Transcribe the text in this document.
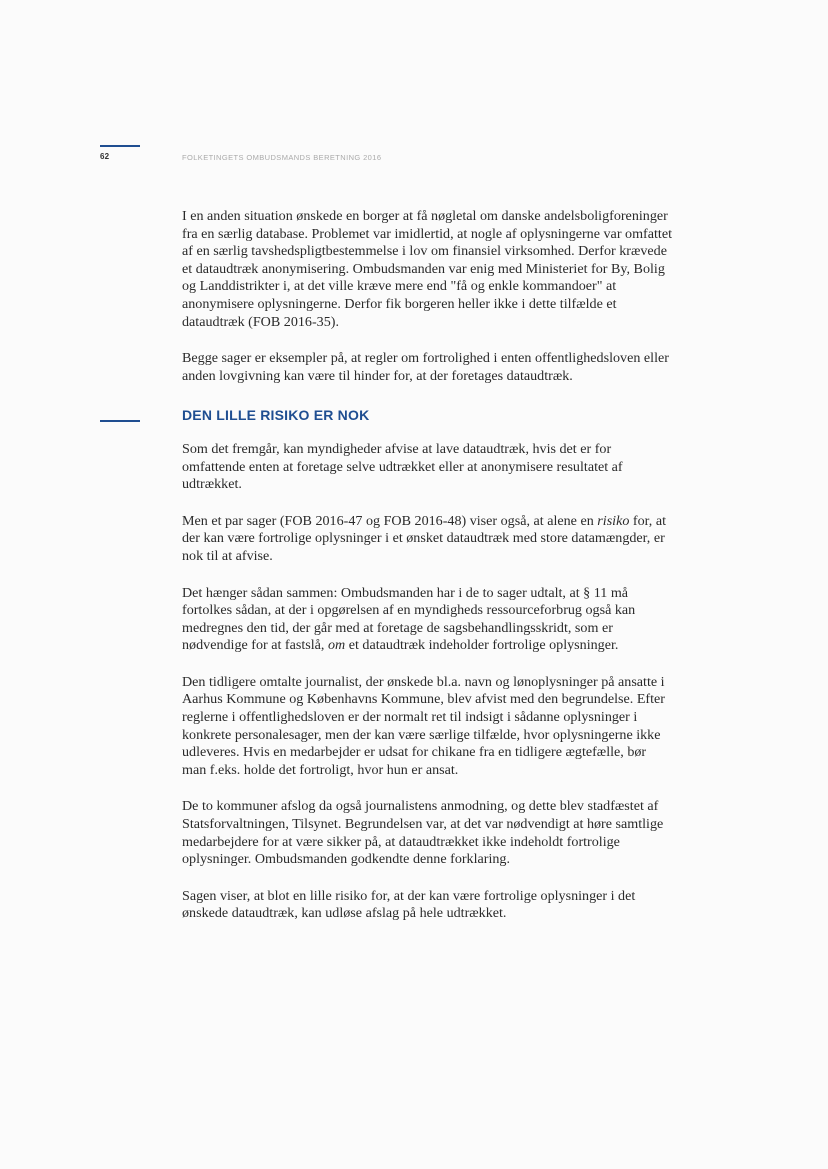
62	FOLKETINGETS OMBUDSMANDS BERETNING 2016

I en anden situation ønskede en borger at få nøgletal om danske andelsboligforeninger fra en særlig database. Problemet var imidlertid, at nogle af oplysningerne var omfattet af en særlig tavshedspligtbestemmelse i lov om finansiel virksomhed. Derfor krævede et dataudtræk anonymisering. Ombudsmanden var enig med Ministeriet for By, Bolig og Landdistrikter i, at det ville kræve mere end "få og enkle kommandoer" at anonymisere oplysningerne. Derfor fik borgeren heller ikke i dette tilfælde et dataudtræk (FOB 2016-35).

Begge sager er eksempler på, at regler om fortrolighed i enten offentlighedsloven eller anden lovgivning kan være til hinder for, at der foretages dataudtræk.

DEN LILLE RISIKO ER NOK

Som det fremgår, kan myndigheder afvise at lave dataudtræk, hvis det er for omfattende enten at foretage selve udtrækket eller at anonymisere resultatet af udtrækket.

Men et par sager (FOB 2016-47 og FOB 2016-48) viser også, at alene en risiko for, at der kan være fortrolige oplysninger i et ønsket dataudtræk med store datamængder, er nok til at afvise.

Det hænger sådan sammen: Ombudsmanden har i de to sager udtalt, at § 11 må fortolkes sådan, at der i opgørelsen af en myndigheds ressourceforbrug også kan medregnes den tid, der går med at foretage de sagsbehandlingsskridt, som er nødvendige for at fastslå, om et dataudtræk indeholder fortrolige oplysninger.

Den tidligere omtalte journalist, der ønskede bl.a. navn og lønoplysninger på ansatte i Aarhus Kommune og Københavns Kommune, blev afvist med den begrundelse. Efter reglerne i offentlighedsloven er der normalt ret til indsigt i sådanne oplysninger i konkrete personalesager, men der kan være særlige tilfælde, hvor oplysningerne ikke udleveres. Hvis en medarbejder er udsat for chikane fra en tidligere ægtefælle, bør man f.eks. holde det fortroligt, hvor hun er ansat.

De to kommuner afslog da også journalistens anmodning, og dette blev stadfæstet af Statsforvaltningen, Tilsynet. Begrundelsen var, at det var nødvendigt at høre samtlige medarbejdere for at være sikker på, at dataudtrækket ikke indeholdt fortrolige oplysninger. Ombudsmanden godkendte denne forklaring.

Sagen viser, at blot en lille risiko for, at der kan være fortrolige oplysninger i det ønskede dataudtræk, kan udløse afslag på hele udtrækket.
